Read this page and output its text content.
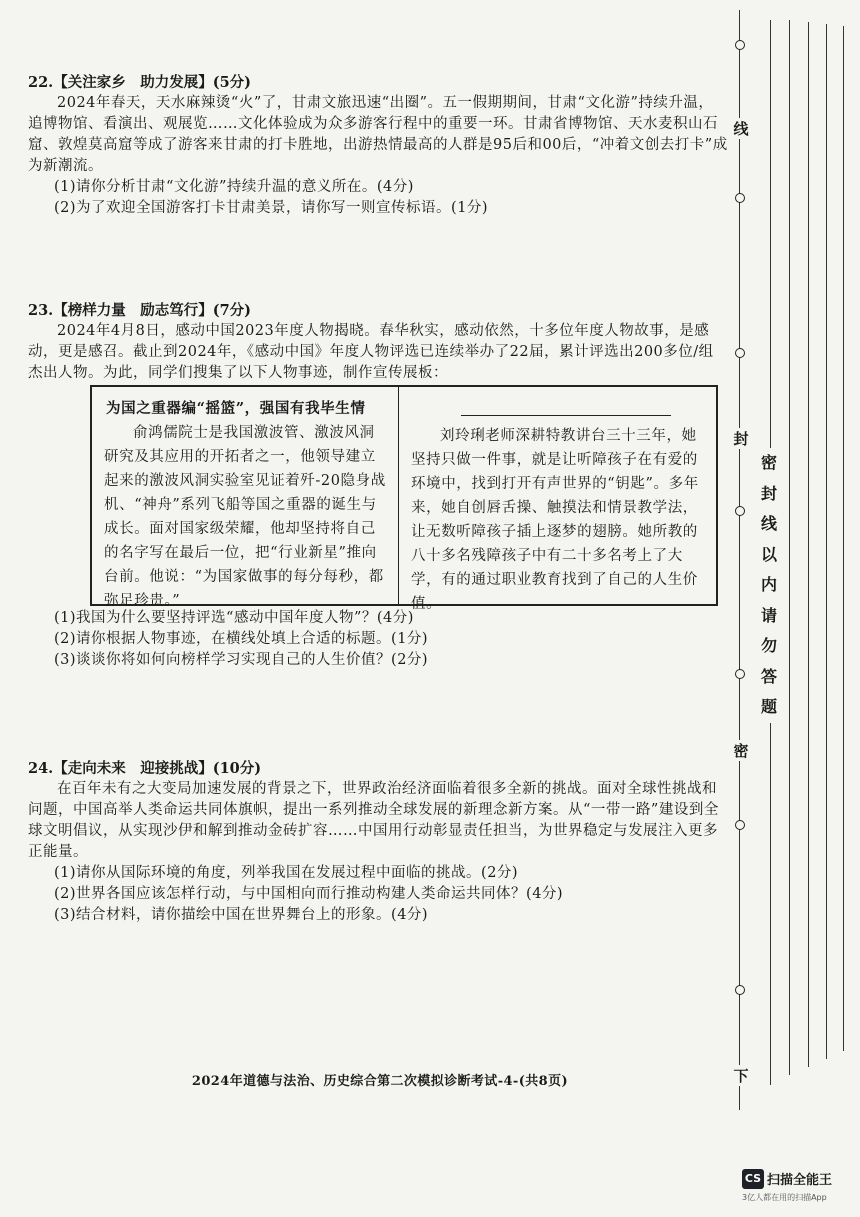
22.【关注家乡　助力发展】(5分)

2024年春天，天水麻辣烫“火”了，甘肃文旅迅速“出圈”。五一假期期间，甘肃“文化游”持续升温，追博物馆、看演出、观展览……文化体验成为众多游客行程中的重要一环。甘肃省博物馆、天水麦积山石窟、敦煌莫高窟等成了游客来甘肃的打卡胜地，出游热情最高的人群是95后和00后，“冲着文创去打卡”成为新潮流。

(1)请你分析甘肃“文化游”持续升温的意义所在。(4分)
(2)为了欢迎全国游客打卡甘肃美景，请你写一则宣传标语。(1分)
23.【榜样力量　励志笃行】(7分)

2024年4月8日，感动中国2023年度人物揭晓。春华秋实，感动依然，十多位年度人物故事，是感动，更是感召。截止到2024年，《感动中国》年度人物评选已连续举办了22届，累计评选出200多位/组杰出人物。为此，同学们搜集了以下人物事迹，制作宣传展板：

为国之重器编“摇篮”，强国有我毕生情

俞鸿儒院士是我国激波管、激波风洞研究及其应用的开拓者之一，他领导建立起来的激波风洞实验室见证着歼-20隐身战机、“神舟”系列飞船等国之重器的诞生与成长。面对国家级荣耀，他却坚持将自己的名字写在最后一位，把“行业新星”推向台前。他说：“为国家做事的每分每秒，都弥足珍贵。”

刘玲琍老师深耕特教讲台三十三年，她坚持只做一件事，就是让听障孩子在有爱的环境中，找到打开有声世界的“钥匙”。多年来，她自创唇舌操、触摸法和情景教学法，让无数听障孩子插上逐梦的翅膀。她所教的八十多名残障孩子中有二十多名考上了大学，有的通过职业教育找到了自己的人生价值。

(1)我国为什么要坚持评选“感动中国年度人物”？(4分)
(2)请你根据人物事迹，在横线处填上合适的标题。(1分)
(3)谈谈你将如何向榜样学习实现自己的人生价值？(2分)
24.【走向未来　迎接挑战】(10分)

在百年未有之大变局加速发展的背景之下，世界政治经济面临着很多全新的挑战。面对全球性挑战和问题，中国高举人类命运共同体旗帜，提出一系列推动全球发展的新理念新方案。从“一带一路”建设到全球文明倡议，从实现沙伊和解到推动金砖扩容……中国用行动彰显责任担当，为世界稳定与发展注入更多正能量。

(1)请你从国际环境的角度，列举我国在发展过程中面临的挑战。(2分)
(2)世界各国应该怎样行动，与中国相向而行推动构建人类命运共同体？(4分)
(3)结合材料，请你描绘中国在世界舞台上的形象。(4分)
2024年道德与法治、历史综合第二次模拟诊断考试-4-(共8页)
线
封
密
下
密封线以内请勿答题
CS 扫描全能王
3亿人都在用的扫描App
